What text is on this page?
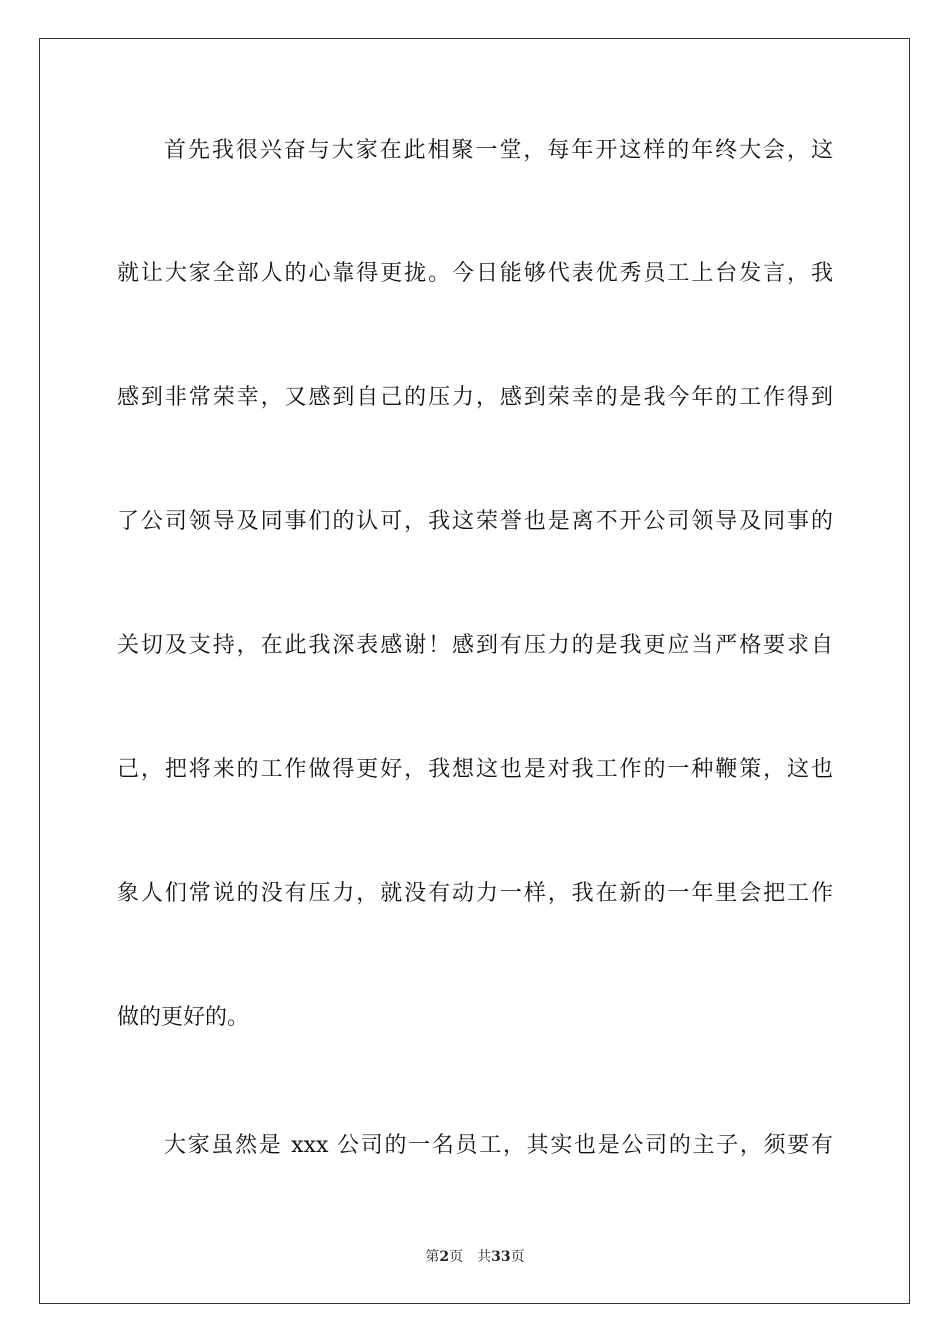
首先我很兴奋与大家在此相聚一堂，每年开这样的年终大会，这
就让大家全部人的心靠得更拢。今日能够代表优秀员工上台发言，我
感到非常荣幸，又感到自己的压力，感到荣幸的是我今年的工作得到
了公司领导及同事们的认可，我这荣誉也是离不开公司领导及同事的
关切及支持，在此我深表感谢！感到有压力的是我更应当严格要求自
己，把将来的工作做得更好，我想这也是对我工作的一种鞭策，这也
象人们常说的没有压力，就没有动力一样，我在新的一年里会把工作
做的更好的。
大家虽然是 xxx 公司的一名员工，其实也是公司的主子，须要有
第2页 共33页
